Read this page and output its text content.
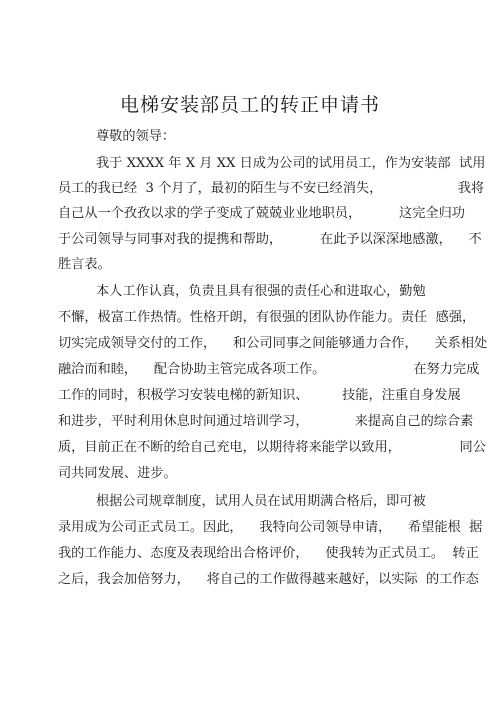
电梯安装部员工的转正申请书
尊敬的领导：
我于 XXXX 年 X 月 XX 日成为公司的试用员工，作为安装部  试用
员工的我已经  3 个月了，最初的陌生与不安已经消失，                  我将
自己从一个孜孜以求的学子变成了兢兢业业地职员，         这完全归功
于公司领导与同事对我的提携和帮助，         在此予以深深地感激，    不
胜言表。
本人工作认真，负责且具有很强的责任心和进取心，勤勉
不懈，极富工作热情。性格开朗，有很强的团队协作能力。责任  感强，
切实完成领导交付的工作，    和公司同事之间能够通力合作，    关系相处
融洽而和睦，    配合协助主管完成各项工作。                     在努力完成
工作的同时，积极学习安装电梯的新知识、        技能，注重自身发展
和进步，平时利用休息时间通过培训学习，           来提高自己的综合素
质，目前正在不断的给自己充电，以期待将来能学以致用，              同公
司共同发展、进步。
根据公司规章制度，试用人员在试用期满合格后，即可被
录用成为公司正式员工。因此，    我特向公司领导申请，    希望能根  据
我的工作能力、态度及表现给出合格评价，    使我转为正式员工。  转正
之后，我会加倍努力，    将自己的工作做得越来越好，以实际  的工作态
